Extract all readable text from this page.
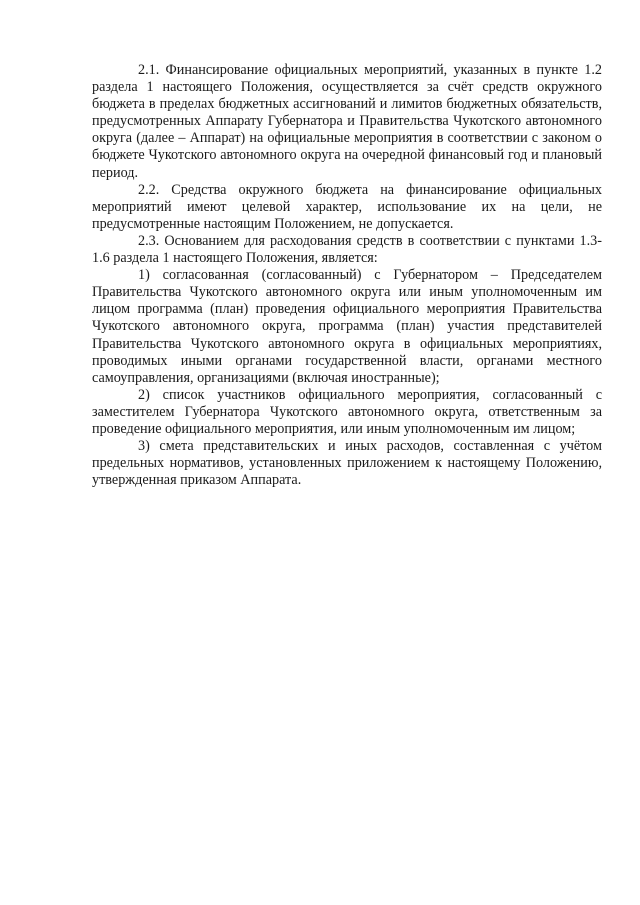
2.1. Финансирование официальных мероприятий, указанных в пункте 1.2 раздела 1 настоящего Положения, осуществляется за счёт средств окружного бюджета в пределах бюджетных ассигнований и лимитов бюджетных обязательств, предусмотренных Аппарату Губернатора и Правительства Чукотского автономного округа (далее – Аппарат) на официальные мероприятия в соответствии с законом о бюджете Чукотского автономного округа на очередной финансовый год и плановый период.

2.2. Средства окружного бюджета на финансирование официальных мероприятий имеют целевой характер, использование их на цели, не предусмотренные настоящим Положением, не допускается.

2.3. Основанием для расходования средств в соответствии с пунктами 1.3-1.6 раздела 1 настоящего Положения, является:

1) согласованная (согласованный) с Губернатором – Председателем Правительства Чукотского автономного округа или иным уполномоченным им лицом программа (план) проведения официального мероприятия Правительства Чукотского автономного округа, программа (план) участия представителей Правительства Чукотского автономного округа в официальных мероприятиях, проводимых иными органами государственной власти, органами местного самоуправления, организациями (включая иностранные);

2) список участников официального мероприятия, согласованный с заместителем Губернатора Чукотского автономного округа, ответственным за проведение официального мероприятия, или иным уполномоченным им лицом;

3) смета представительских и иных расходов, составленная с учётом предельных нормативов, установленных приложением к настоящему Положению, утвержденная приказом Аппарата.
